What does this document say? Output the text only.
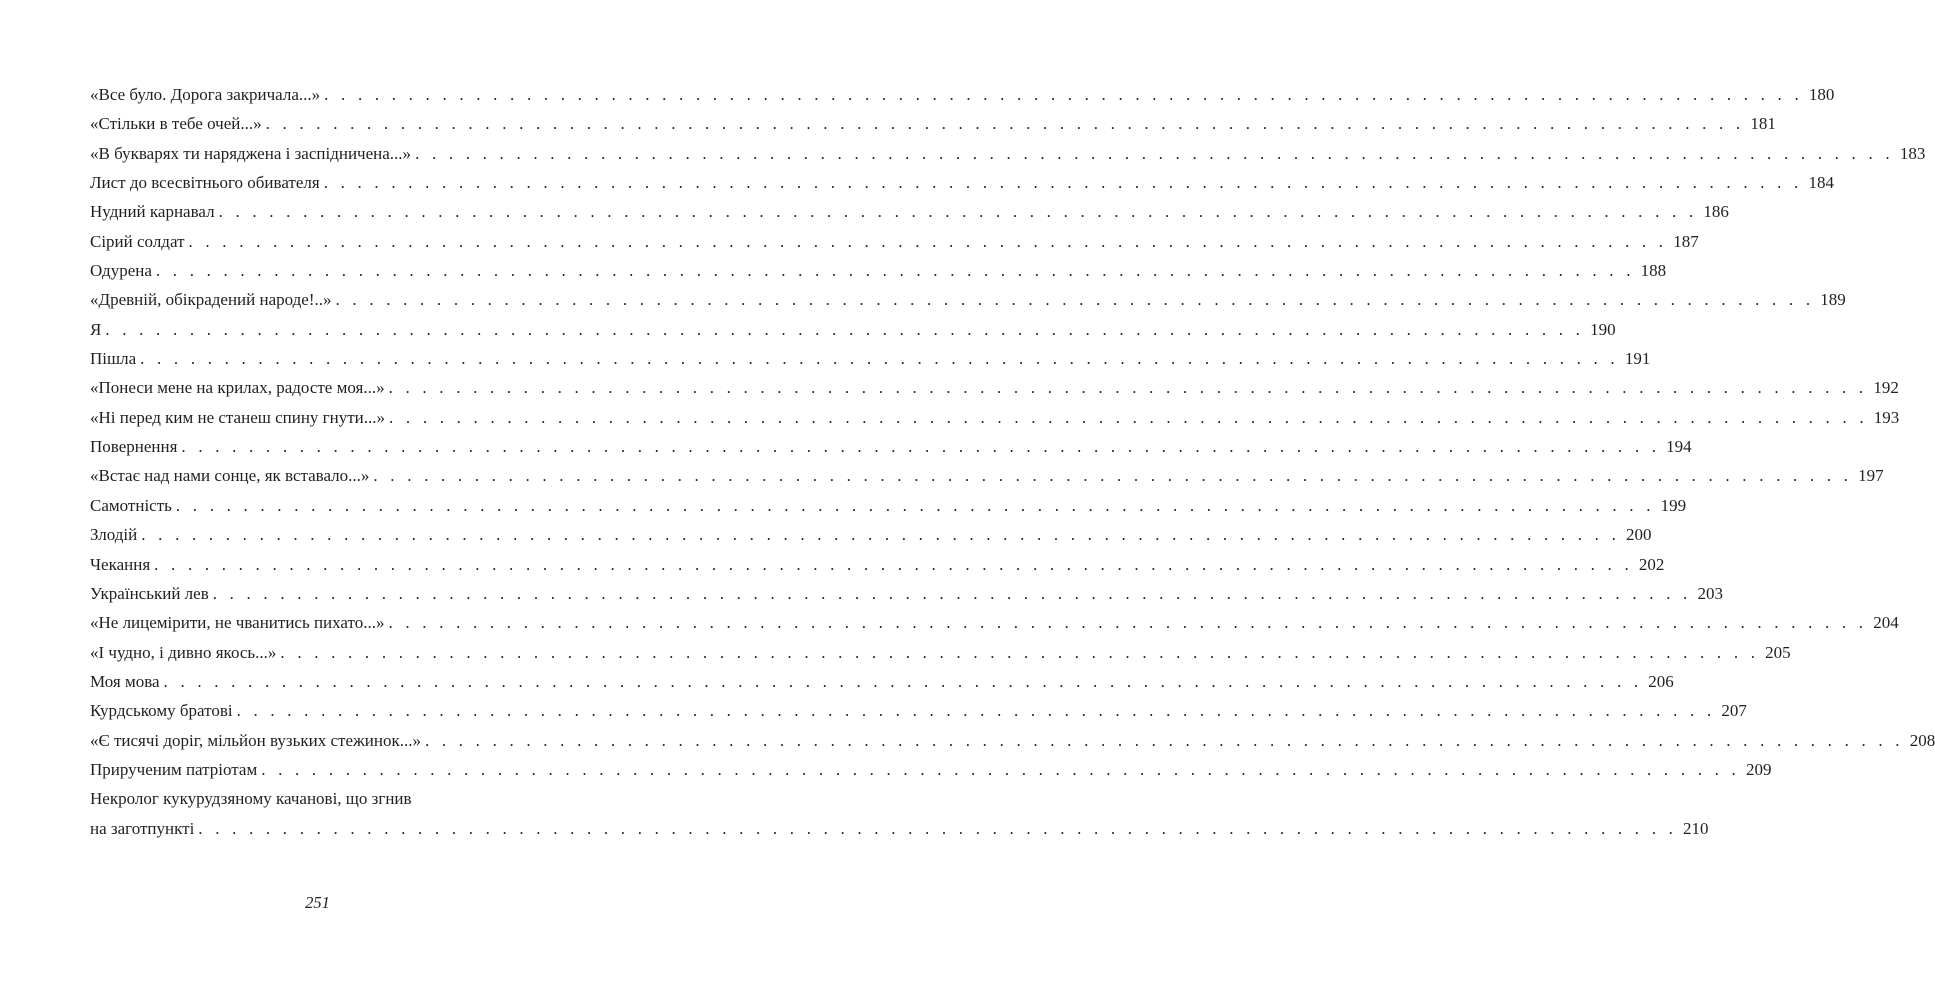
«Все було. Дорога закричала...» . . .	180
«Стільки в тебе очей...» . . .	181
«В букварях ти наряджена і заспідничена...» . . .	183
Лист до всесвітнього обивателя . . .	184
Нудний карнавал . . .	186
Сірий солдат . . .	187
Одурена . . .	188
«Древній, обікрадений народе!..» . . .	189
Я . . .	190
Пішла . . .	191
«Понеси мене на крилах, радосте моя...» . . .	192
«Ні перед ким не станеш спину гнути...» . . .	193
Повернення . . .	194
«Встає над нами сонце, як вставало...» . . .	197
Самотність . . .	199
Злодій . . .	200
Чекання . . .	202
Український лев . . .	203
«Не лицемірити, не чванитись пихато...» . . .	204
«І чудно, і дивно якось...» . . .	205
Моя мова . . .	206
Курдському братові . . .	207
«Є тисячі доріг, мільйон вузьких стежинок...» . . .	208
Прирученим патріотам . . .	209
Некролог кукурудзяному качанові, що згнив
на заготпункті . . .	210
251
